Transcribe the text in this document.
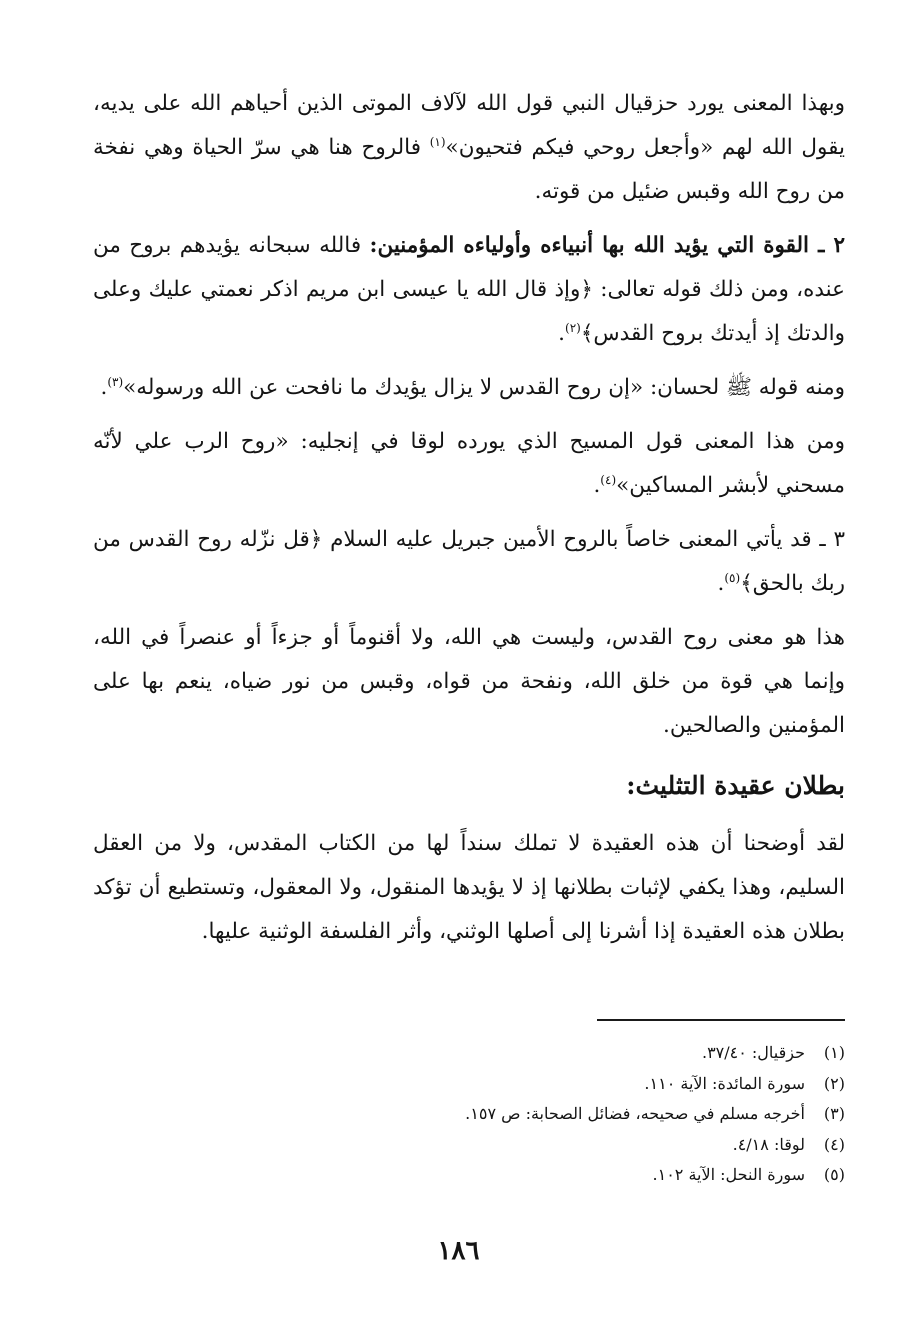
وبهذا المعنى يورد حزقيال النبي قول الله لآلاف الموتى الذين أحياهم الله على يديه، يقول الله لهم «وأجعل روحي فيكم فتحيون»$^{(١)}$ فالروح هنا هي سرّ الحياة وهي نفخة من روح الله وقبس ضئيل من قوته.

٢ ـ القوة التي يؤيد الله بها أنبياءه وأولياءه المؤمنين: فالله سبحانه يؤيدهم بروح من عنده، ومن ذلك قوله تعالى: ﴿وإذ قال الله يا عيسى ابن مريم اذكر نعمتي عليك وعلى والدتك إذ أيدتك بروح القدس﴾$^{(٢)}$.

ومنه قوله ﷺ لحسان: «إن روح القدس لا يزال يؤيدك ما نافحت عن الله ورسوله»$^{(٣)}$.

ومن هذا المعنى قول المسيح الذي يورده لوقا في إنجليه: «روح الرب علي لأنّه مسحني لأبشر المساكين»$^{(٤)}$.

٣ ـ قد يأتي المعنى خاصاً بالروح الأمين جبريل عليه السلام ﴿قل نزّله روح القدس من ربك بالحق﴾$^{(٥)}$.

هذا هو معنى روح القدس، وليست هي الله، ولا أقنوماً أو جزءاً أو عنصراً في الله، وإنما هي قوة من خلق الله، ونفحة من قواه، وقبس من نور ضياه، ينعم بها على المؤمنين والصالحين.

بطلان عقيدة التثليث:

لقد أوضحنا أن هذه العقيدة لا تملك سنداً لها من الكتاب المقدس، ولا من العقل السليم، وهذا يكفي لإثبات بطلانها إذ لا يؤيدها المنقول، ولا المعقول، وتستطيع أن تؤكد بطلان هذه العقيدة إذا أشرنا إلى أصلها الوثني، وأثر الفلسفة الوثنية عليها.

(١)
حزقيال: ٣٧/٤٠.
(٢)
سورة المائدة: الآية ١١٠.
(٣)
أخرجه مسلم في صحيحه، فضائل الصحابة: ص ١٥٧.
(٤)
لوقا: ٤/١٨.
(٥)
سورة النحل: الآية ١٠٢.
١٨٦
